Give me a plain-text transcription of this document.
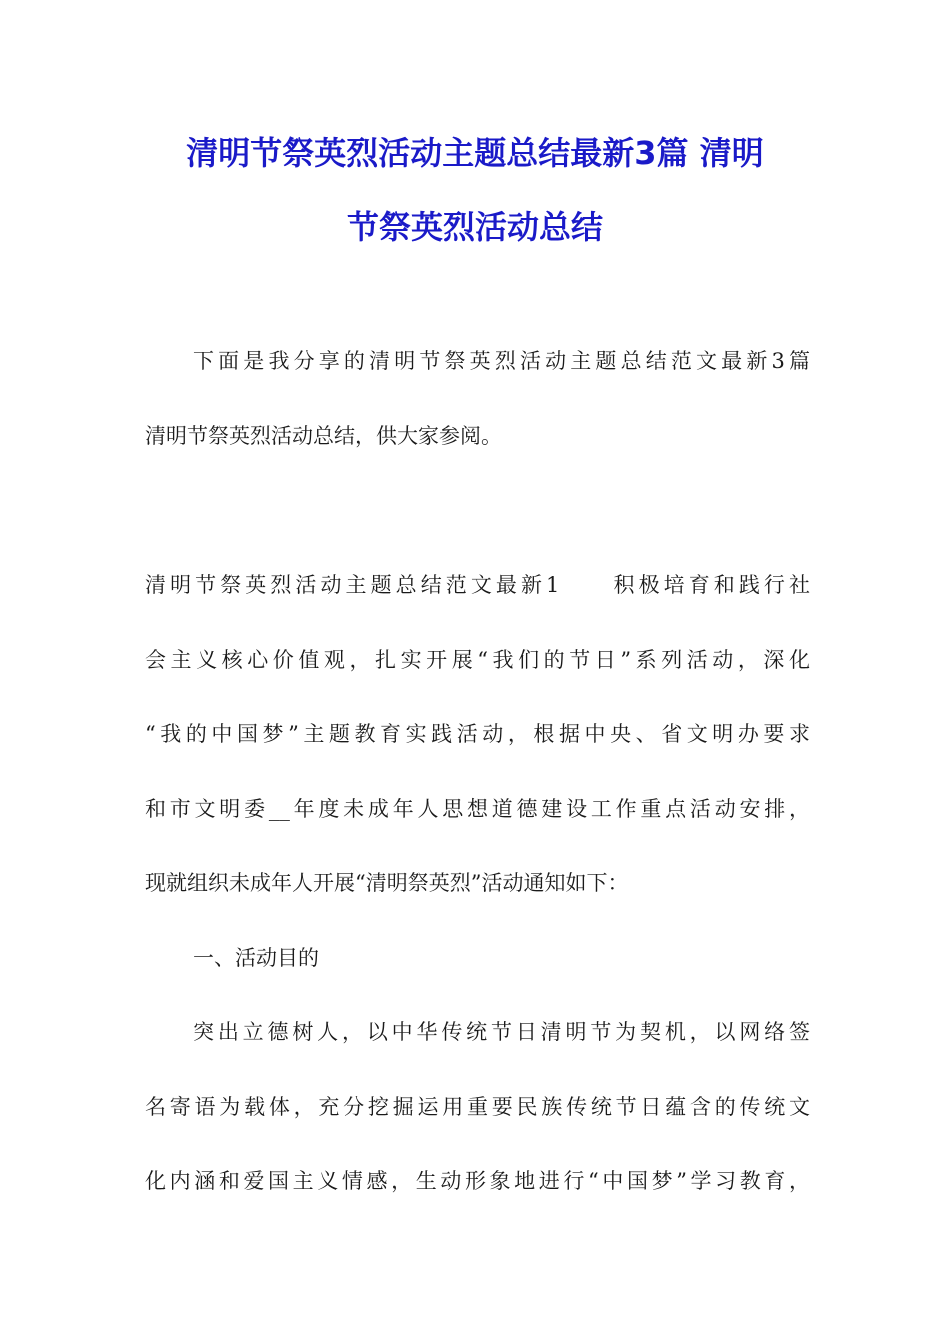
清明节祭英烈活动主题总结最新3篇 清明
节祭英烈活动总结
下面是我分享的清明节祭英烈活动主题总结范文最新3篇
清明节祭英烈活动总结，供大家参阅。
清明节祭英烈活动主题总结范文最新1　　积极培育和践行社
会主义核心价值观，扎实开展“我们的节日”系列活动，深化
“我的中国梦”主题教育实践活动，根据中央、省文明办要求
和市文明委__年度未成年人思想道德建设工作重点活动安排，
现就组织未成年人开展“清明祭英烈”活动通知如下：
一、活动目的
突出立德树人，以中华传统节日清明节为契机，以网络签
名寄语为载体，充分挖掘运用重要民族传统节日蕴含的传统文
化内涵和爱国主义情感，生动形象地进行“中国梦”学习教育，
